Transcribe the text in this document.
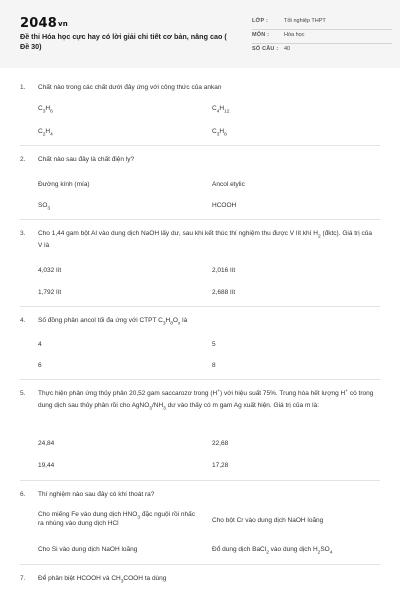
2048vn
Đề thi Hóa học cực hay có lời giải chi tiết cơ bản, nâng cao ( Đề 30)
LỚP :	Tốt nghiệp THPT
MÔN :	Hóa học
SỐ CÂU : 40
1. Chất nào trong các chất dưới đây ứng với công thức của ankan
$C_3H_6$	$C_4H_{12}$
$C_2H_4$	$C_3H_8$
2. Chất nào sau đây là chất điện ly?
Đường kính (mía)	Ancol etylic
$SO_3$	HCOOH
3. Cho 1,44 gam bột Al vào dung dịch NaOH lấy dư, sau khi kết thúc thí nghiệm thu được V lít khí $H_2$ (đktc). Giá trị của V là
4,032 lít	2,016 lít
1,792 lít	2,688 lít
4. Số đồng phân ancol tối đa ứng với CTPT $C_3H_8O_x$ là
4	5
6	8
5. Thực hiện phản ứng thủy phân 20,52 gam saccarozơ trong (H+) với hiệu suất 75%. Trung hòa hết lượng H+ có trong dung dịch sau thủy phân rồi cho $AgNO_3/NH_3$ dư vào thấy có m gam Ag xuất hiện. Giá trị của m là:
24,84	22,68
19,44	17,28
6. Thí nghiệm nào sau đây có khí thoát ra?
Cho miếng Fe vào dung dịch $HNO_3$ đặc nguội rồi nhấc ra nhúng vào dung dịch HCl	Cho bột Cr vào dung dịch NaOH loãng
Cho Si vào dung dịch NaOH loãng	Đổ dung dịch BaCl$_2$ vào dung dịch $H_2SO_4$
7. Để phân biệt HCOOH và $CH_3COOH$ ta dùng
